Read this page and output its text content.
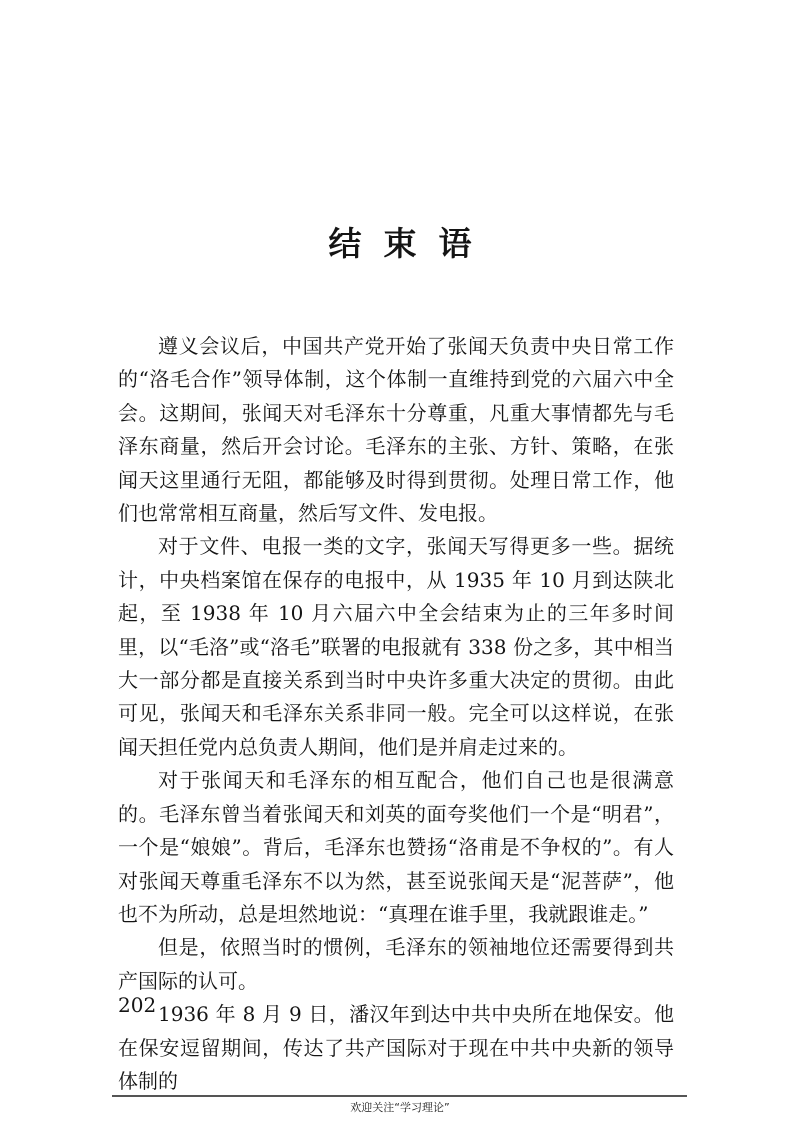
结束语

遵义会议后，中国共产党开始了张闻天负责中央日常工作的“洛毛合作”领导体制，这个体制一直维持到党的六届六中全会。这期间，张闻天对毛泽东十分尊重，凡重大事情都先与毛泽东商量，然后开会讨论。毛泽东的主张、方针、策略，在张闻天这里通行无阻，都能够及时得到贯彻。处理日常工作，他们也常常相互商量，然后写文件、发电报。

对于文件、电报一类的文字，张闻天写得更多一些。据统计，中央档案馆在保存的电报中，从 1935 年 10 月到达陕北起，至 1938 年 10 月六届六中全会结束为止的三年多时间里，以“毛洛”或“洛毛”联署的电报就有 338 份之多，其中相当大一部分都是直接关系到当时中央许多重大决定的贯彻。由此可见，张闻天和毛泽东关系非同一般。完全可以这样说，在张闻天担任党内总负责人期间，他们是并肩走过来的。

对于张闻天和毛泽东的相互配合，他们自己也是很满意的。毛泽东曾当着张闻天和刘英的面夸奖他们一个是“明君”，一个是“娘娘”。背后，毛泽东也赞扬“洛甫是不争权的”。有人对张闻天尊重毛泽东不以为然，甚至说张闻天是“泥菩萨”，他也不为所动，总是坦然地说：“真理在谁手里，我就跟谁走。”

但是，依照当时的惯例，毛泽东的领袖地位还需要得到共产国际的认可。

1936 年 8 月 9 日，潘汉年到达中共中央所在地保安。他在保安逗留期间，传达了共产国际对于现在中共中央新的领导体制的

202
欢迎关注“学习理论”
